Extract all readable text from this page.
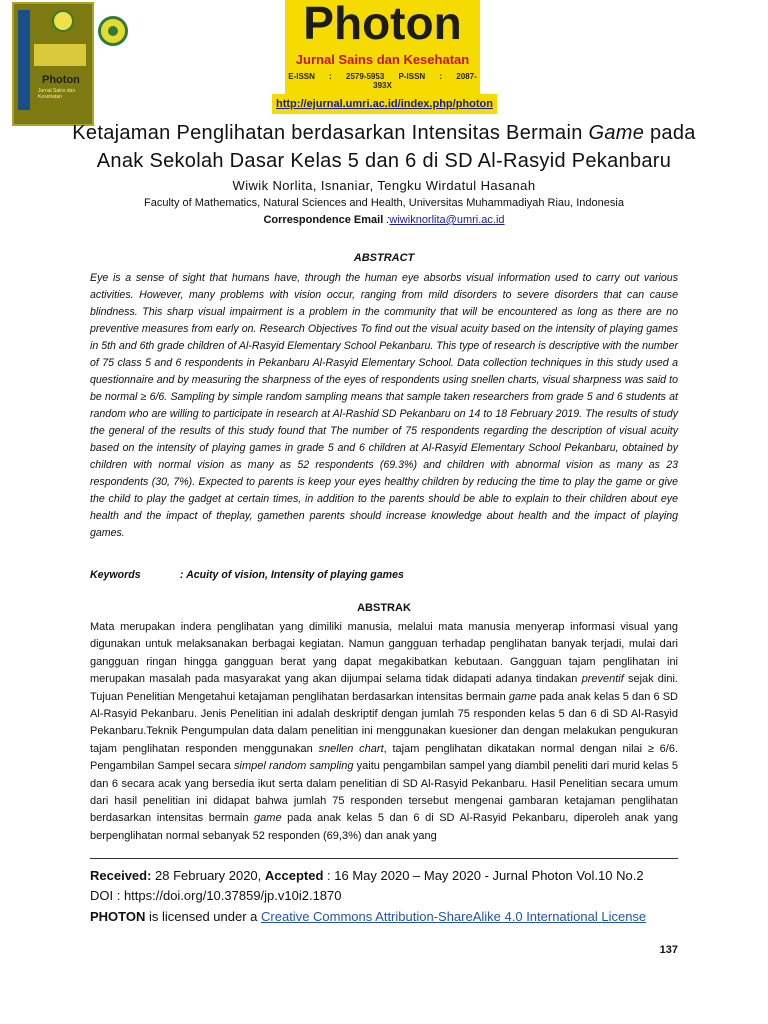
Photon
Jurnal Sains dan Kesehatan
Photon
Jurnal Sains dan Kesehatan
E-ISSN : 2579-5953 P-ISSN : 2087-393X
http://ejurnal.umri.ac.id/index.php/photon
Ketajaman Penglihatan berdasarkan Intensitas Bermain Game pada
Anak Sekolah Dasar Kelas 5 dan 6 di SD Al-Rasyid Pekanbaru
Wiwik Norlita, Isnaniar, Tengku Wirdatul Hasanah
Faculty of Mathematics, Natural Sciences and Health, Universitas Muhammadiyah Riau, Indonesia
Correspondence Email :wiwiknorlita@umri.ac.id
ABSTRACT
Eye is a sense of sight that humans have, through the human eye absorbs visual information used to carry out various activities. However, many problems with vision occur, ranging from mild disorders to severe disorders that can cause blindness. This sharp visual impairment is a problem in the community that will be encountered as long as there are no preventive measures from early on. Research Objectives To find out the visual acuity based on the intensity of playing games in 5th and 6th grade children of Al-Rasyid Elementary School Pekanbaru. This type of research is descriptive with the number of 75 class 5 and 6 respondents in Pekanbaru Al-Rasyid Elementary School. Data collection techniques in this study used a questionnaire and by measuring the sharpness of the eyes of respondents using snellen charts, visual sharpness was said to be normal ≥ 6/6. Sampling by simple random sampling means that sample taken researchers from grade 5 and 6 students at random who are willing to participate in research at Al-Rashid SD Pekanbaru on 14 to 18 February 2019. The results of study the general of the results of this study found that The number of 75 respondents regarding the description of visual acuity based on the intensity of playing games in grade 5 and 6 children at Al-Rasyid Elementary School Pekanbaru, obtained by children with normal vision as many as 52 respondents (69.3%) and children with abnormal vision as many as 23 respondents (30, 7%). Expected to parents is keep your eyes healthy children by reducing the time to play the game or give the child to play the gadget at certain times, in addition to the parents should be able to explain to their children about eye health and the impact of theplay, gamethen parents should increase knowledge about health and the impact of playing games.
Keywords	: Acuity of vision, Intensity of playing games
ABSTRAK
Mata merupakan indera penglihatan yang dimiliki manusia, melalui mata manusia menyerap informasi visual yang digunakan untuk melaksanakan berbagai kegiatan. Namun gangguan terhadap penglihatan banyak terjadi, mulai dari gangguan ringan hingga gangguan berat yang dapat megakibatkan kebutaan. Gangguan tajam penglihatan ini merupakan masalah pada masyarakat yang akan dijumpai selama tidak didapati adanya tindakan preventif sejak dini. Tujuan Penelitian Mengetahui ketajaman penglihatan berdasarkan intensitas bermain game pada anak kelas 5 dan 6 SD Al-Rasyid Pekanbaru. Jenis Penelitian ini adalah deskriptif dengan jumlah 75 responden kelas 5 dan 6 di SD Al-Rasyid Pekanbaru.Teknik Pengumpulan data dalam penelitian ini menggunakan kuesioner dan dengan melakukan pengukuran tajam penglihatan responden menggunakan snellen chart, tajam penglihatan dikatakan normal dengan nilai ≥ 6/6. Pengambilan Sampel secara simpel random sampling yaitu pengambilan sampel yang diambil peneliti dari murid kelas 5 dan 6 secara acak yang bersedia ikut serta dalam penelitian di SD Al-Rasyid Pekanbaru. Hasil Penelitian secara umum dari hasil penelitian ini didapat bahwa jumlah 75 responden tersebut mengenai gambaran ketajaman penglihatan berdasarkan intensitas bermain game pada anak kelas 5 dan 6 di SD Al-Rasyid Pekanbaru, diperoleh anak yang berpenglihatan normal sebanyak 52 responden (69,3%) dan anak yang
Received: 28 February 2020, Accepted : 16 May 2020 – May 2020 - Jurnal Photon Vol.10 No.2
DOI : https://doi.org/10.37859/jp.v10i2.1870
PHOTON is licensed under a Creative Commons Attribution-ShareAlike 4.0 International License
137
